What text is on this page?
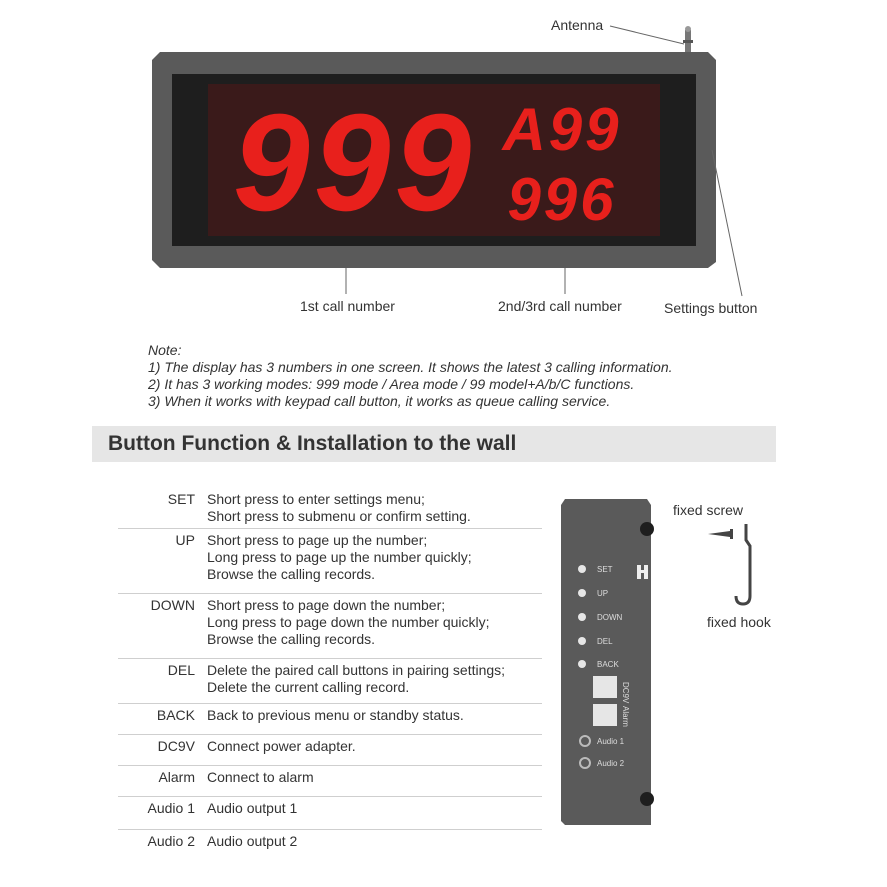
999 A99
996
Antenna
1st call number	2nd/3rd call number	Settings button
Note:
1) The display has 3 numbers in one screen. It shows the latest 3 calling information.
2) It has 3 working modes: 999 mode / Area mode / 99 model+A/b/C functions.
3) When it works with keypad call button, it works as queue calling service.
Button Function & Installation to the wall
SET Short press to enter settings menu;
Short press to submenu or confirm setting.
UP Short press to page up the number;
Long press to page up the number quickly;
Browse the calling records.
DOWN Short press to page down the number;
Long press to page down the number quickly;
Browse the calling records.
DEL Delete the paired call buttons in pairing settings;
Delete the current calling record.
BACK Back to previous menu or standby status.
DC9V Connect power adapter.
Alarm Connect to alarm
Audio 1 Audio output 1
Audio 2 Audio output 2
SET
UP
DOWN
DEL
BACK
DC9V
Alarm
Audio 1
Audio 2
fixed screw
fixed hook
